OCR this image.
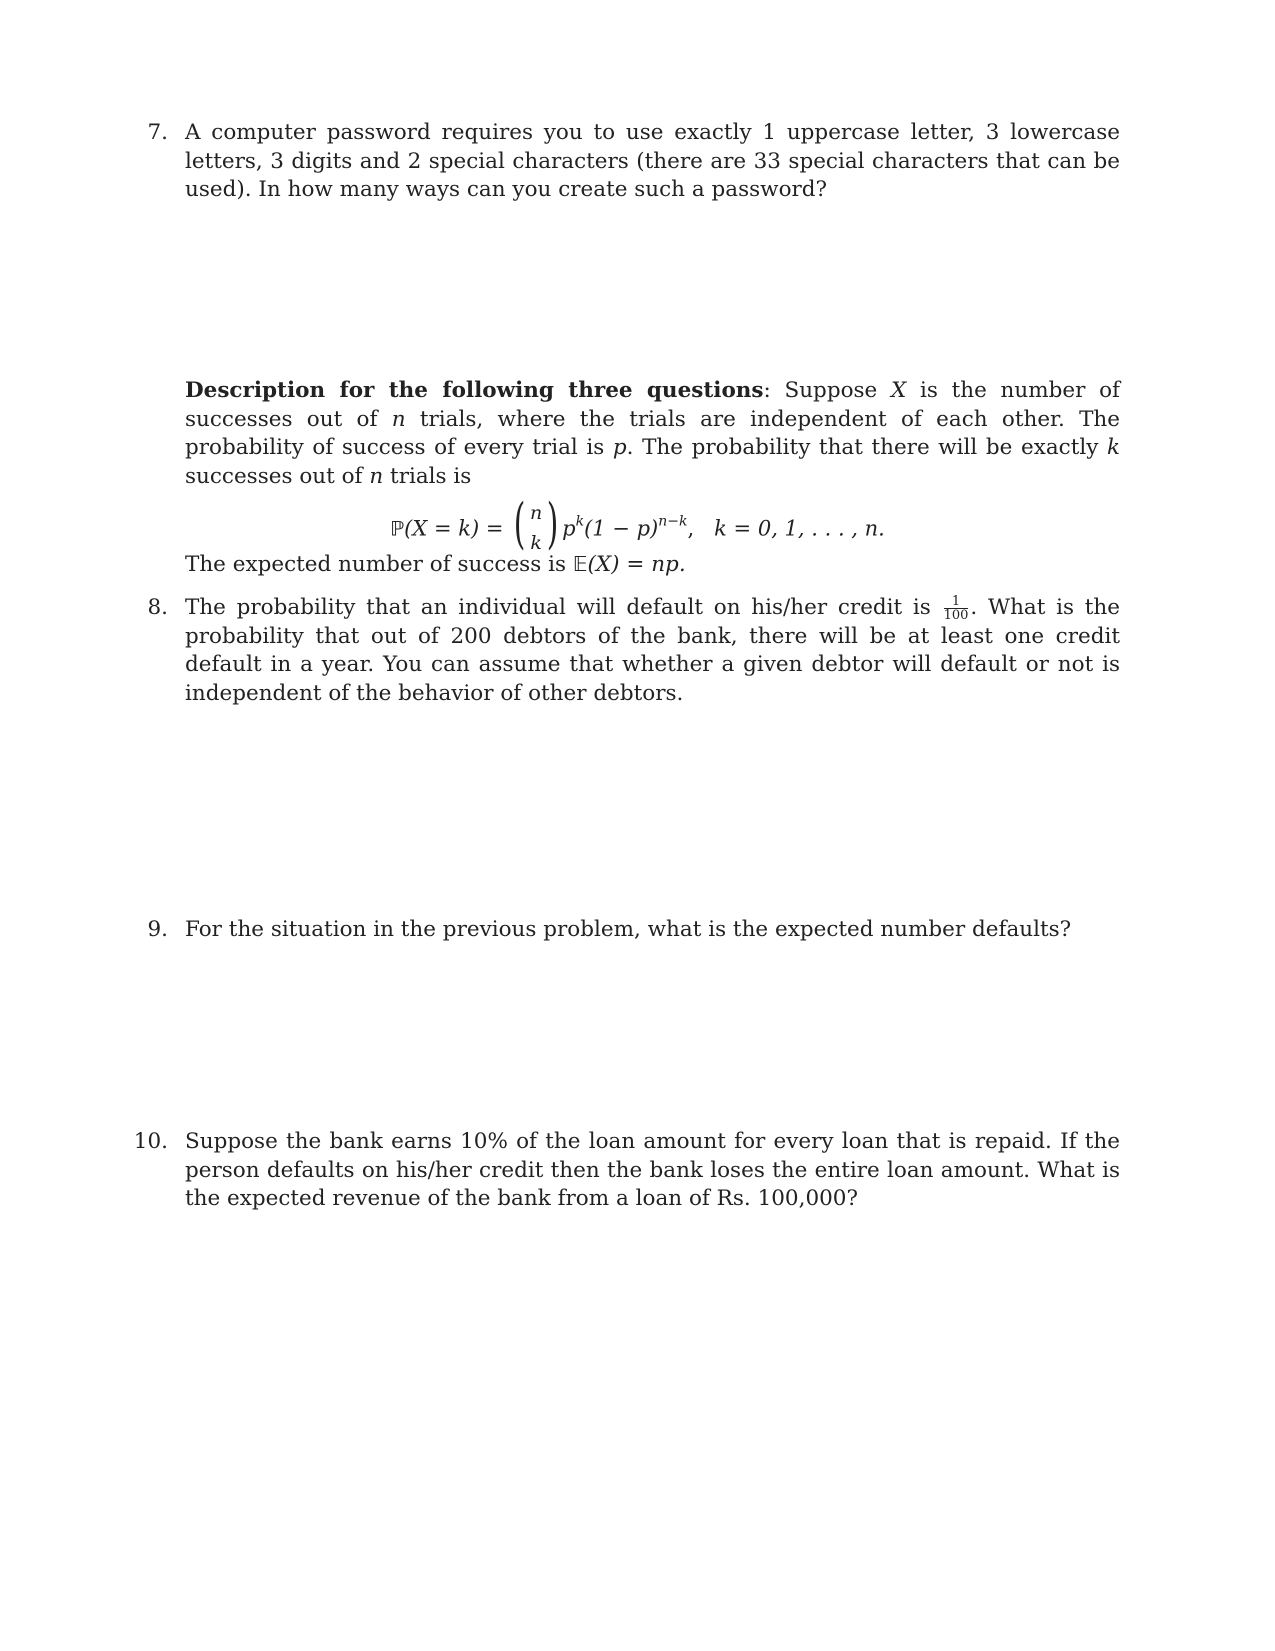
7. A computer password requires you to use exactly 1 uppercase letter, 3 lowercase letters, 3 digits and 2 special characters (there are 33 special characters that can be used). In how many ways can you create such a password?
Description for the following three questions: Suppose X is the number of successes out of n trials, where the trials are independent of each other. The probability of success of every trial is p. The probability that there will be exactly k successes out of n trials is
ℙ(X = k) = ( n
k ) $p^k(1 - p)^{n-k}$, k = 0, 1, . . . , n.
The expected number of success is 𝔼(X) = np.
8. The probability that an individual will default on his/her credit is $\frac{1}{100}$ . What is the probability that out of 200 debtors of the bank, there will be at least one credit default in a year. You can assume that whether a given debtor will default or not is independent of the behavior of other debtors.
9. For the situation in the previous problem, what is the expected number defaults?
10. Suppose the bank earns 10% of the loan amount for every loan that is repaid. If the person defaults on his/her credit then the bank loses the entire loan amount. What is the expected revenue of the bank from a loan of Rs. 100,000?
